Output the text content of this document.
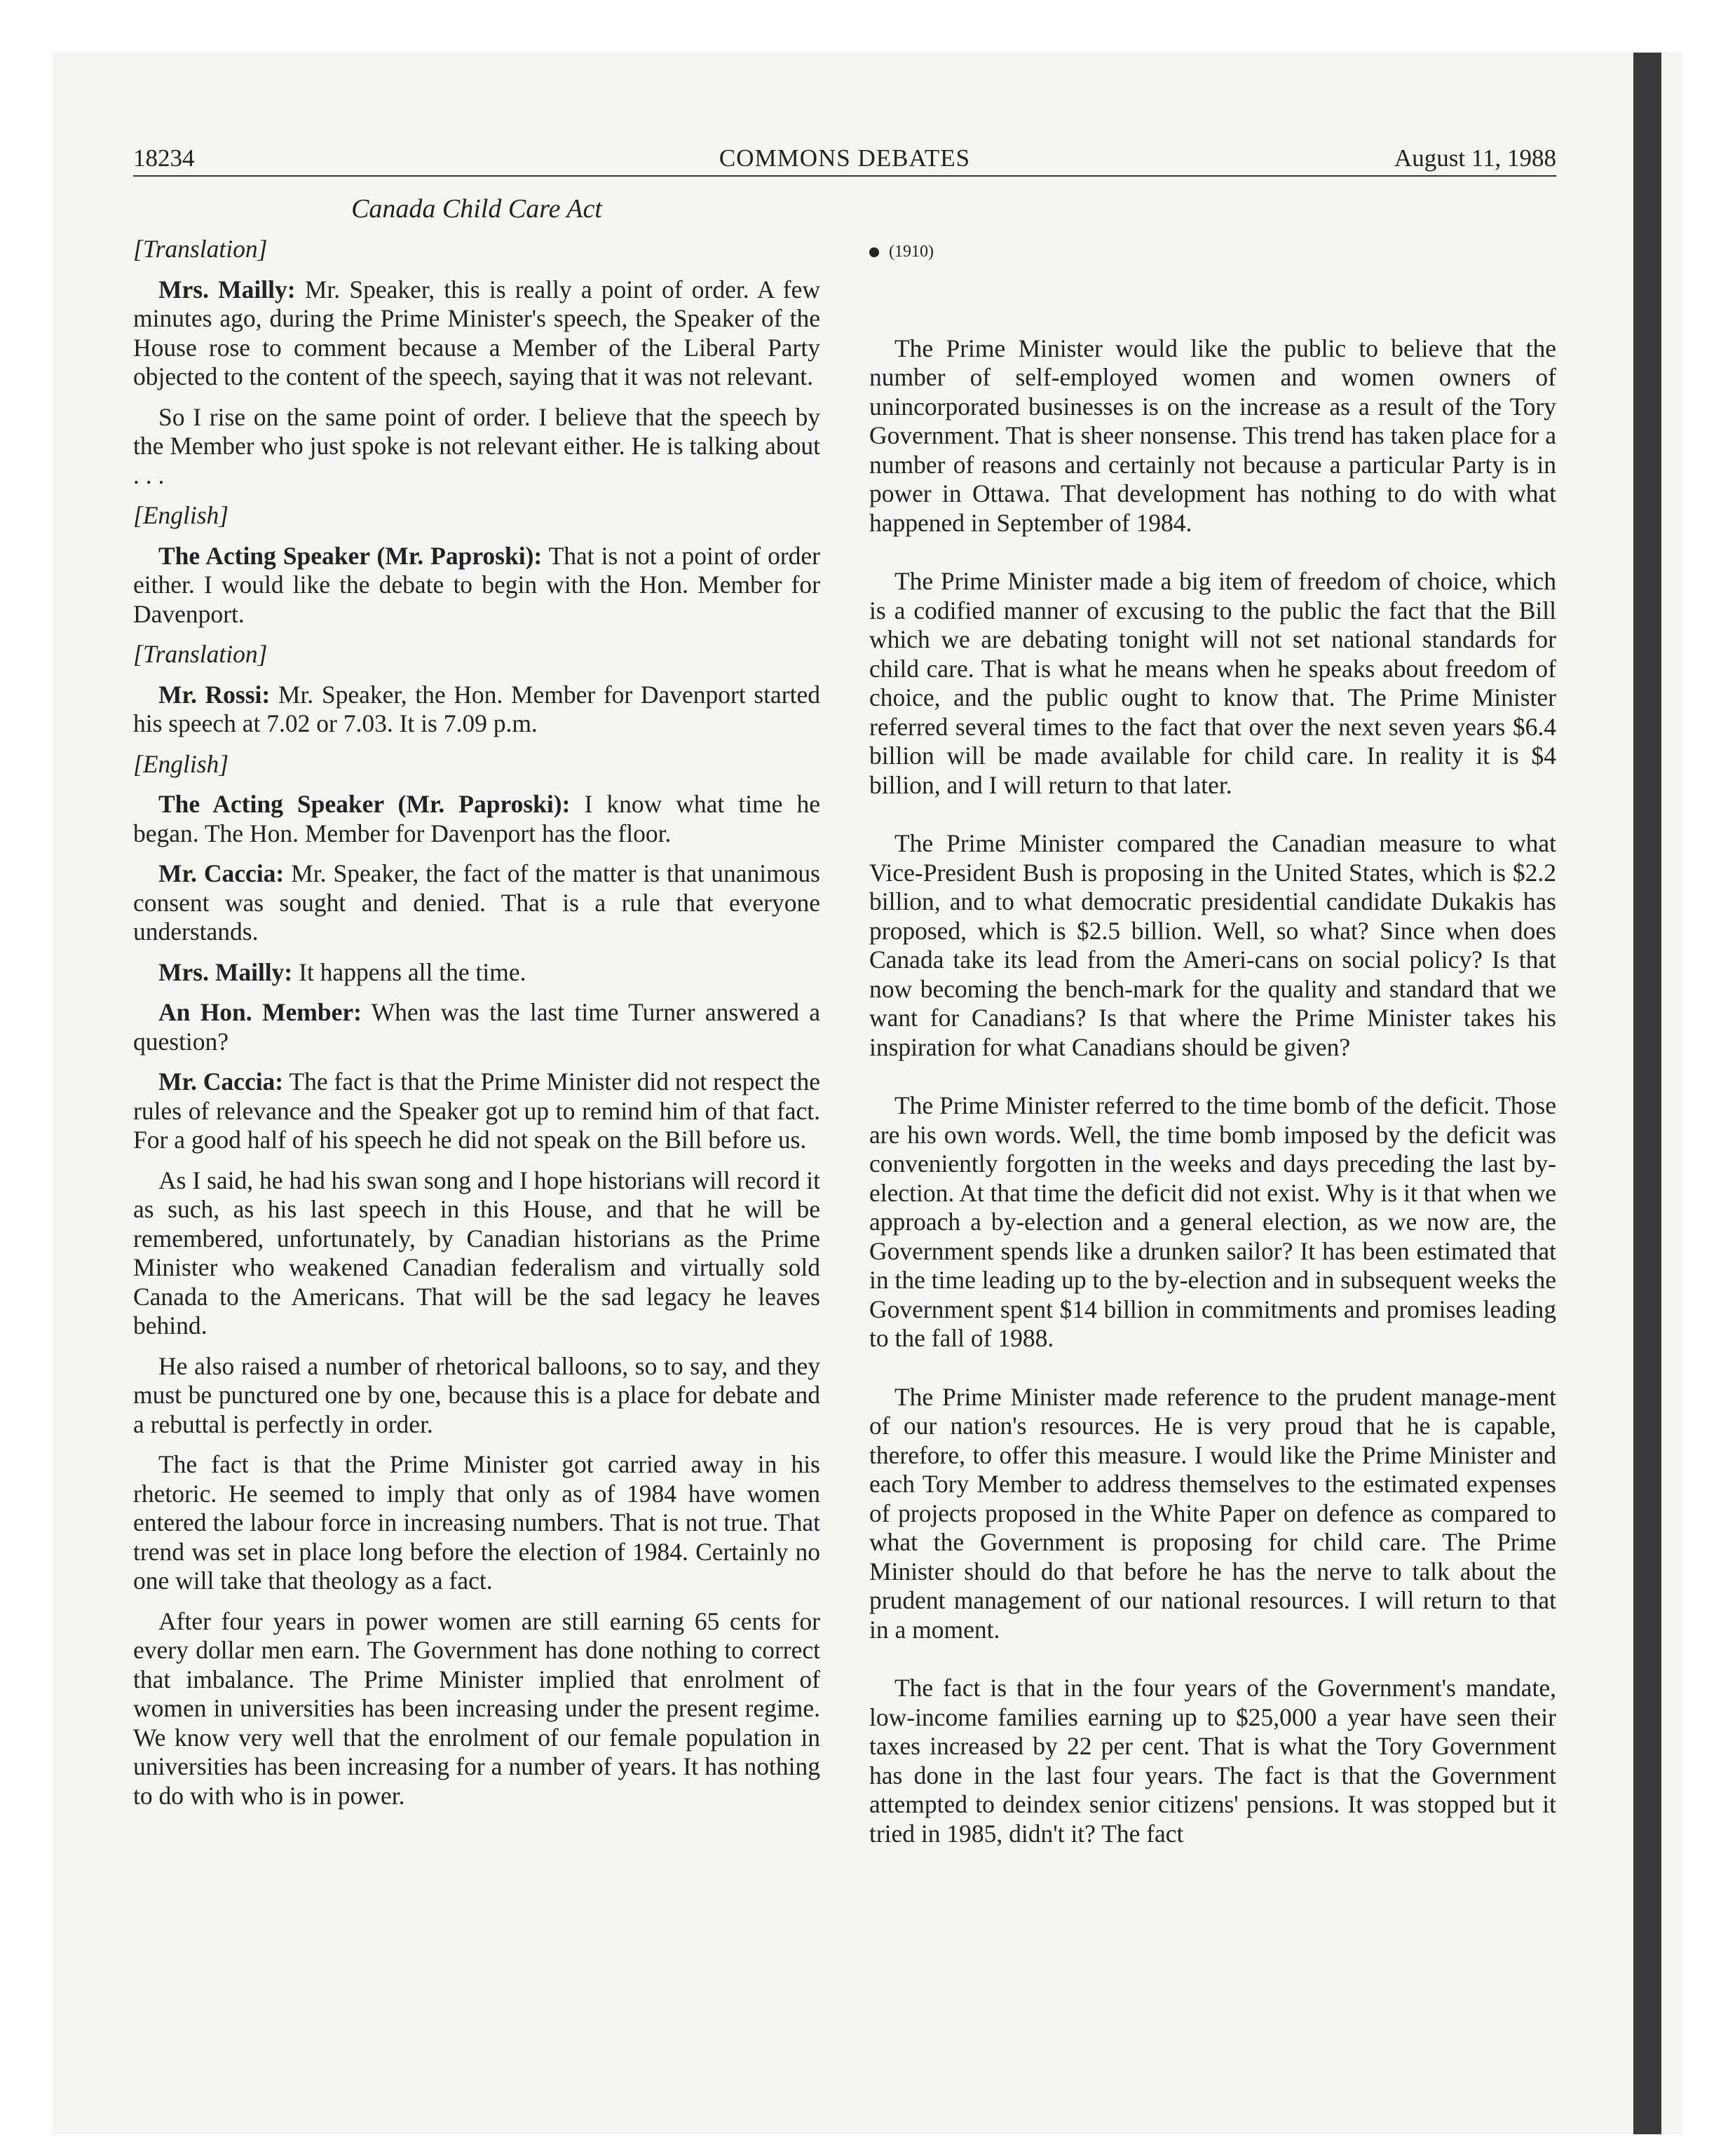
18234	COMMONS DEBATES	August 11, 1988
Canada Child Care Act

[Translation]

Mrs. Mailly: Mr. Speaker, this is really a point of order. A few minutes ago, during the Prime Minister's speech, the Speaker of the House rose to comment because a Member of the Liberal Party objected to the content of the speech, saying that it was not relevant.

So I rise on the same point of order. I believe that the speech by the Member who just spoke is not relevant either. He is talking about . . .

[English]

The Acting Speaker (Mr. Paproski): That is not a point of order either. I would like the debate to begin with the Hon. Member for Davenport.

[Translation]

Mr. Rossi: Mr. Speaker, the Hon. Member for Davenport started his speech at 7.02 or 7.03. It is 7.09 p.m.

[English]

The Acting Speaker (Mr. Paproski): I know what time he began. The Hon. Member for Davenport has the floor.

Mr. Caccia: Mr. Speaker, the fact of the matter is that unanimous consent was sought and denied. That is a rule that everyone understands.

Mrs. Mailly: It happens all the time.

An Hon. Member: When was the last time Turner answered a question?

Mr. Caccia: The fact is that the Prime Minister did not respect the rules of relevance and the Speaker got up to remind him of that fact. For a good half of his speech he did not speak on the Bill before us.

As I said, he had his swan song and I hope historians will record it as such, as his last speech in this House, and that he will be remembered, unfortunately, by Canadian historians as the Prime Minister who weakened Canadian federalism and virtually sold Canada to the Americans. That will be the sad legacy he leaves behind.

He also raised a number of rhetorical balloons, so to say, and they must be punctured one by one, because this is a place for debate and a rebuttal is perfectly in order.

The fact is that the Prime Minister got carried away in his rhetoric. He seemed to imply that only as of 1984 have women entered the labour force in increasing numbers. That is not true. That trend was set in place long before the election of 1984. Certainly no one will take that theology as a fact.

After four years in power women are still earning 65 cents for every dollar men earn. The Government has done nothing to correct that imbalance. The Prime Minister implied that enrolment of women in universities has been increasing under the present regime. We know very well that the enrolment of our female population in universities has been increasing for a number of years. It has nothing to do with who is in power.

(1910)

The Prime Minister would like the public to believe that the number of self-employed women and women owners of unincorporated businesses is on the increase as a result of the Tory Government. That is sheer nonsense. This trend has taken place for a number of reasons and certainly not because a particular Party is in power in Ottawa. That development has nothing to do with what happened in September of 1984.

The Prime Minister made a big item of freedom of choice, which is a codified manner of excusing to the public the fact that the Bill which we are debating tonight will not set national standards for child care. That is what he means when he speaks about freedom of choice, and the public ought to know that. The Prime Minister referred several times to the fact that over the next seven years $6.4 billion will be made available for child care. In reality it is $4 billion, and I will return to that later.

The Prime Minister compared the Canadian measure to what Vice-President Bush is proposing in the United States, which is $2.2 billion, and to what democratic presidential candidate Dukakis has proposed, which is $2.5 billion. Well, so what? Since when does Canada take its lead from the Ameri-cans on social policy? Is that now becoming the bench-mark for the quality and standard that we want for Canadians? Is that where the Prime Minister takes his inspiration for what Canadians should be given?

The Prime Minister referred to the time bomb of the deficit. Those are his own words. Well, the time bomb imposed by the deficit was conveniently forgotten in the weeks and days preceding the last by-election. At that time the deficit did not exist. Why is it that when we approach a by-election and a general election, as we now are, the Government spends like a drunken sailor? It has been estimated that in the time leading up to the by-election and in subsequent weeks the Government spent $14 billion in commitments and promises leading to the fall of 1988.

The Prime Minister made reference to the prudent manage-ment of our nation's resources. He is very proud that he is capable, therefore, to offer this measure. I would like the Prime Minister and each Tory Member to address themselves to the estimated expenses of projects proposed in the White Paper on defence as compared to what the Government is proposing for child care. The Prime Minister should do that before he has the nerve to talk about the prudent management of our national resources. I will return to that in a moment.

The fact is that in the four years of the Government's mandate, low-income families earning up to $25,000 a year have seen their taxes increased by 22 per cent. That is what the Tory Government has done in the last four years. The fact is that the Government attempted to deindex senior citizens' pensions. It was stopped but it tried in 1985, didn't it? The fact
